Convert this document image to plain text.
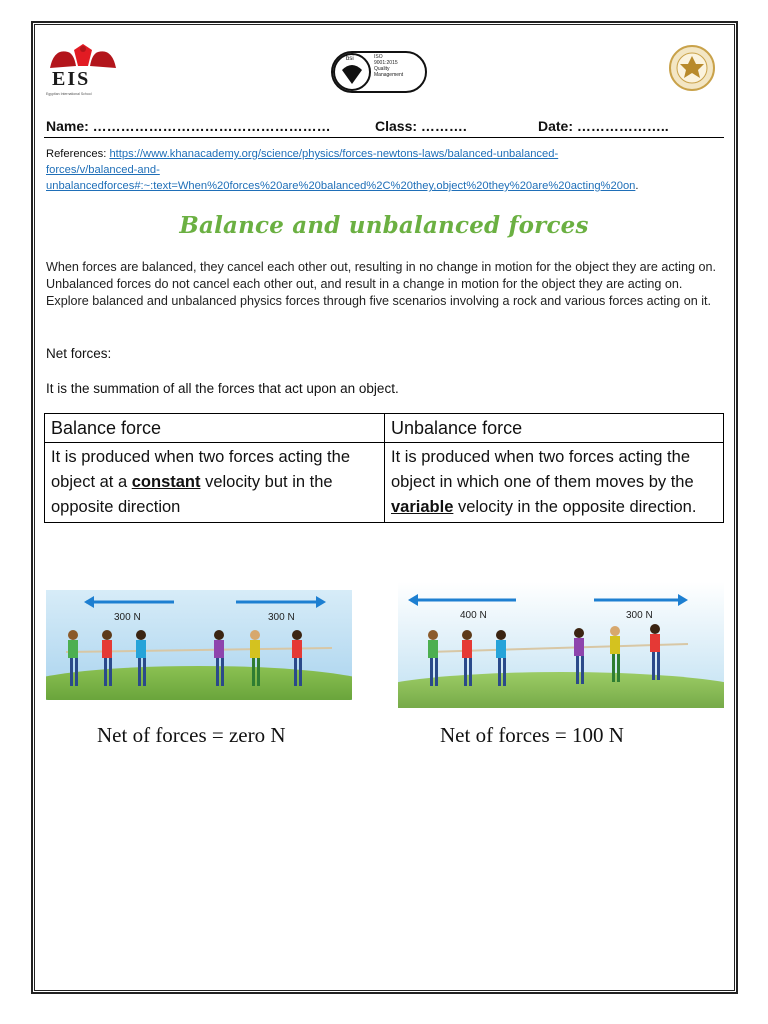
EIS
Egyptian International School
bsi	ISO
9001:2015
Quality
Management
Name: ……………………………………………	Class: ……….	Date: ………………..
References: https://www.khanacademy.org/science/physics/forces-newtons-laws/balanced-unbalanced-
forces/v/balanced-and-
unbalancedforces#:~:text=When%20forces%20are%20balanced%2C%20they,object%20they%20are%20acting%20on.
Balance and unbalanced forces
When forces are balanced, they cancel each other out, resulting in no change in motion for the object they are acting on. Unbalanced forces do not cancel each other out, and result in a change in motion for the object they are acting on. Explore balanced and unbalanced physics forces through five scenarios involving a rock and various forces acting on it.
Net forces:
It is the summation of all the forces that act upon an object.
Balance force	Unbalance force
It is produced when two forces acting the object at a constant velocity but in the opposite direction	It is produced when two forces acting the object in which one of them moves by the variable velocity in the opposite direction.
300 N	300 N	400 N	300 N
Net of forces = zero N	Net of forces = 100 N
